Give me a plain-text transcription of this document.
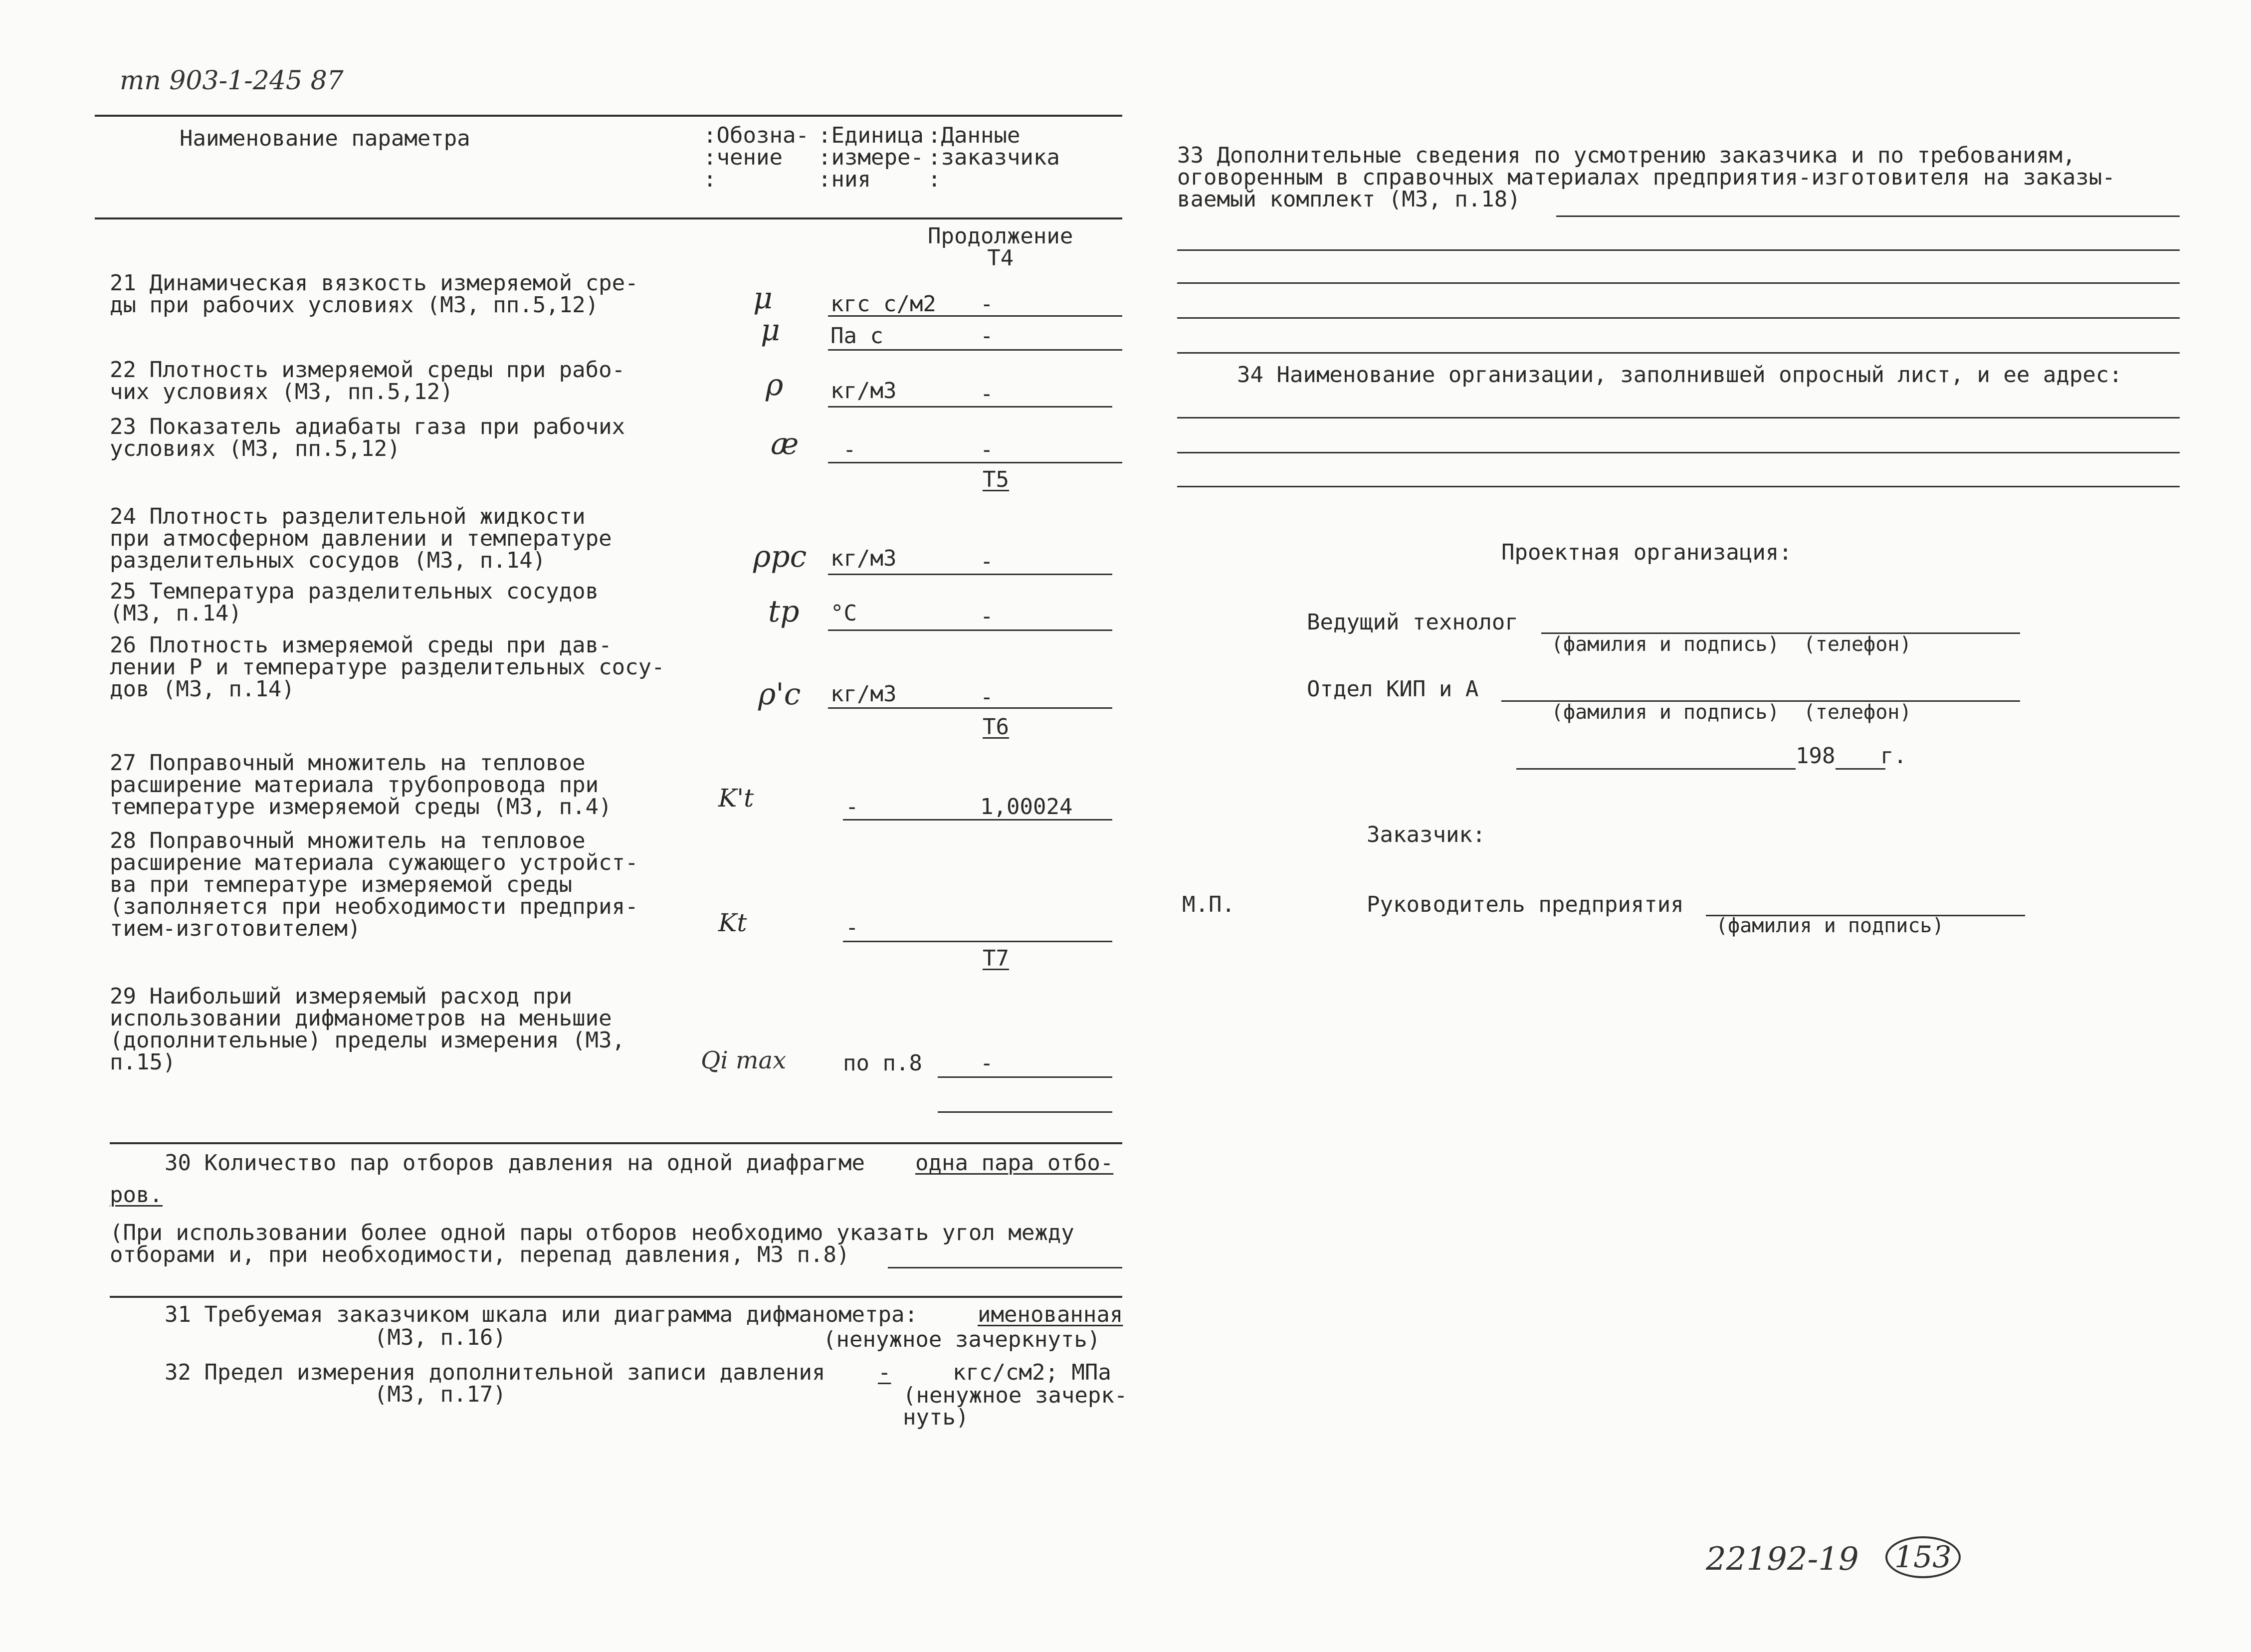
тп 903-1-245 87
Наименование параметра	:Обозна-
:чение
:
:Единица
:измере-
:ния
:Данные
:заказчика
:
Продолжение
Т4
21 Динамическая вязкость измеряемой сре-
ды при рабочих условиях (МЗ, пп.5,12)	μ	кгс с/м2 -
μ Па с	-
22 Плотность измеряемой среды при рабо-
чих условиях (МЗ, пп.5,12)	ρ кг/м3	-
23 Показатель адиабаты газа при рабочих
условиях (МЗ, пп.5,12)	æ -	-
Т5
24 Плотность разделительной жидкости
при атмосферном давлении и температуре
разделительных сосудов (МЗ, п.14)	ρрс кг/м3	-
25 Температура разделительных сосудов
(МЗ, п.14)	tр °С	-
26 Плотность измеряемой среды при дав-
лении Р и температуре разделительных сосу-
дов (МЗ, п.14)	ρ'с кг/м3	-
Т6
27 Поправочный множитель на тепловое
расширение материала трубопровода при
температуре измеряемой среды (МЗ, п.4)	K't	-	1,00024
28 Поправочный множитель на тепловое
расширение материала сужающего устройст-
ва при температуре измеряемой среды
(заполняется при необходимости предприя-
тием-изготовителем)	Kt	-
Т7
29 Наибольший измеряемый расход при
использовании дифманометров на меньшие
(дополнительные) пределы измерения (МЗ,
п.15)	Qi max	по п.8	-
30 Количество пар отборов давления на одной диафрагме одна пара отбо-
ров.
(При использовании более одной пары отборов необходимо указать угол между
отборами и, при необходимости, перепад давления, МЗ п.8)
31 Требуемая заказчиком шкала или диаграмма дифманометра:	именованная
(МЗ, п.16)	(ненужное зачеркнуть)
32 Предел измерения дополнительной записи давления -	кгс/см2; МПа
(МЗ, п.17)	(ненужное зачерк-
нуть)
33 Дополнительные сведения по усмотрению заказчика и по требованиям,
оговоренным в справочных материалах предприятия-изготовителя на заказы-
ваемый комплект (МЗ, п.18)
34 Наименование организации, заполнившей опросный лист, и ее адрес:
Проектная организация:
Ведущий технолог
(фамилия и подпись)  (телефон)
Отдел КИП и А
(фамилия и подпись)  (телефон)
198 г.
Заказчик:
М.П.	Руководитель предприятия
(фамилия и подпись)
22192-19	153
